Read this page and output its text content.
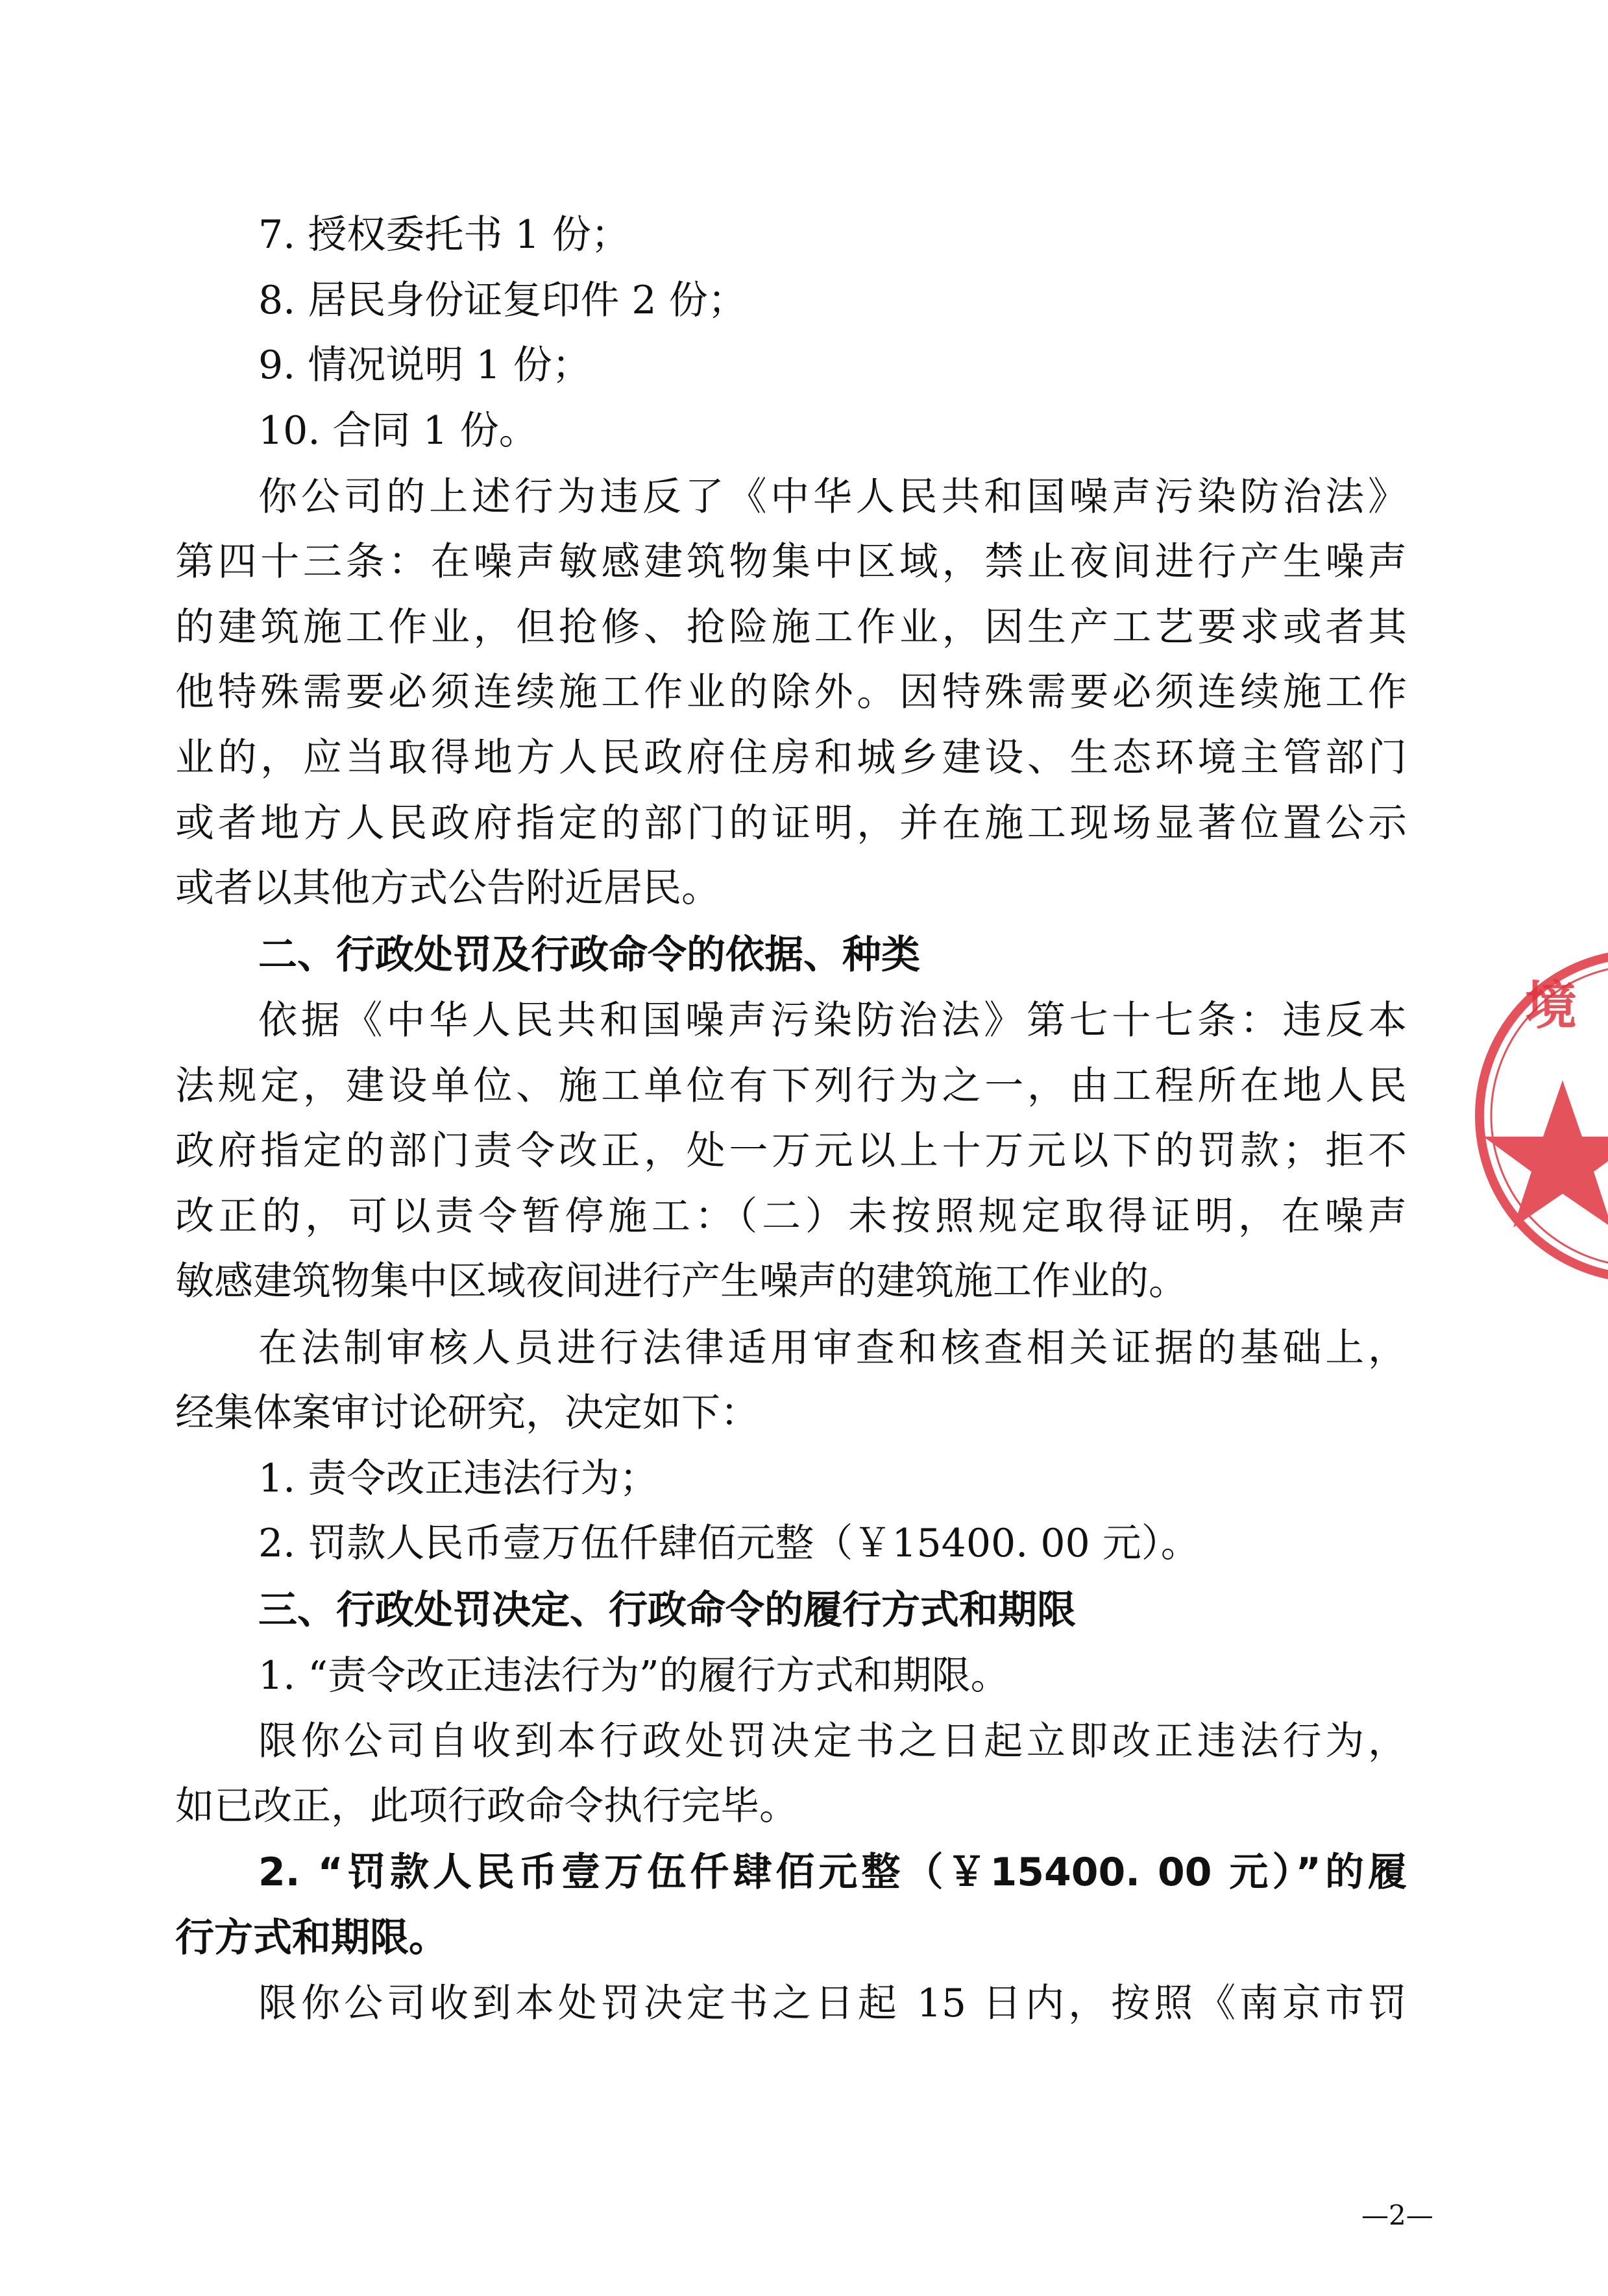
7. 授权委托书 1 份；
8. 居民身份证复印件 2 份；
9. 情况说明 1 份；
10. 合同 1 份。
你公司的上述行为违反了《中华人民共和国噪声污染防治法》
第四十三条：在噪声敏感建筑物集中区域，禁止夜间进行产生噪声
的建筑施工作业，但抢修、抢险施工作业，因生产工艺要求或者其
他特殊需要必须连续施工作业的除外。因特殊需要必须连续施工作
业的，应当取得地方人民政府住房和城乡建设、生态环境主管部门
或者地方人民政府指定的部门的证明，并在施工现场显著位置公示
或者以其他方式公告附近居民。
二、行政处罚及行政命令的依据、种类
依据《中华人民共和国噪声污染防治法》第七十七条：违反本
法规定，建设单位、施工单位有下列行为之一，由工程所在地人民
政府指定的部门责令改正，处一万元以上十万元以下的罚款；拒不
改正的，可以责令暂停施工：（二）未按照规定取得证明，在噪声
敏感建筑物集中区域夜间进行产生噪声的建筑施工作业的。
在法制审核人员进行法律适用审查和核查相关证据的基础上，
经集体案审讨论研究，决定如下：
1. 责令改正违法行为；
2. 罚款人民币壹万伍仟肆佰元整（￥15400. 00 元）。
三、行政处罚决定、行政命令的履行方式和期限
1. “责令改正违法行为”的履行方式和期限。
限你公司自收到本行政处罚决定书之日起立即改正违法行为，
如已改正，此项行政命令执行完毕。
2. “罚款人民币壹万伍仟肆佰元整（￥15400. 00 元）”的履
行方式和期限。
限你公司收到本处罚决定书之日起 15 日内，按照《南京市罚
—2—
境
